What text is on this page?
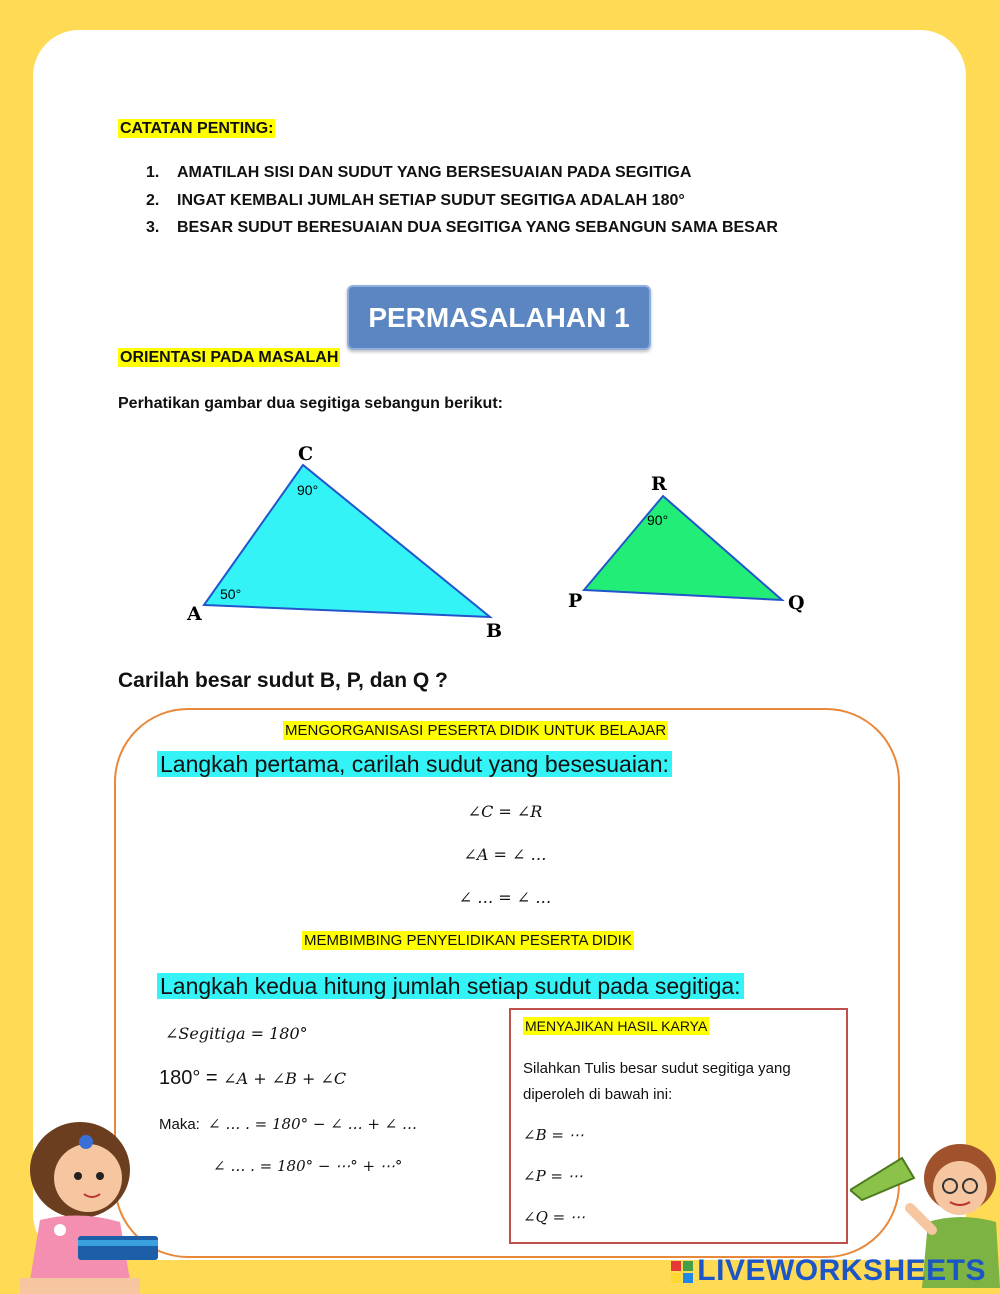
CATATAN PENTING:
1. AMATILAH SISI DAN SUDUT YANG BERSESUAIAN PADA SEGITIGA
2. INGAT KEMBALI JUMLAH SETIAP SUDUT SEGITIGA ADALAH 180°
3. BESAR SUDUT BERESUAIAN DUA SEGITIGA YANG SEBANGUN SAMA BESAR
PERMASALAHAN 1
ORIENTASI PADA MASALAH
Perhatikan gambar dua segitiga sebangun berikut:
C
A
B
90°
50°
R
P	Q
90°
Carilah besar sudut B, P, dan Q ?
MENGORGANISASI PESERTA DIDIK UNTUK BELAJAR
Langkah pertama, carilah sudut yang besesuaian:
∠C = ∠R
∠A = ∠ …
∠ … = ∠ …
MEMBIMBING PENYELIDIKAN PESERTA DIDIK
Langkah kedua hitung jumlah setiap sudut pada segitiga:
∠Segitiga = 180°
180° = ∠A + ∠B + ∠C
Maka: ∠ … . = 180° − ∠ … + ∠ …
∠ … . = 180° − ⋯° + ⋯°
MENYAJIKAN HASIL KARYA
Silahkan Tulis besar sudut segitiga yang diperoleh di bawah ini:
∠B = ⋯
∠P = ⋯
∠Q = ⋯
LIVEWORKSHEETS
